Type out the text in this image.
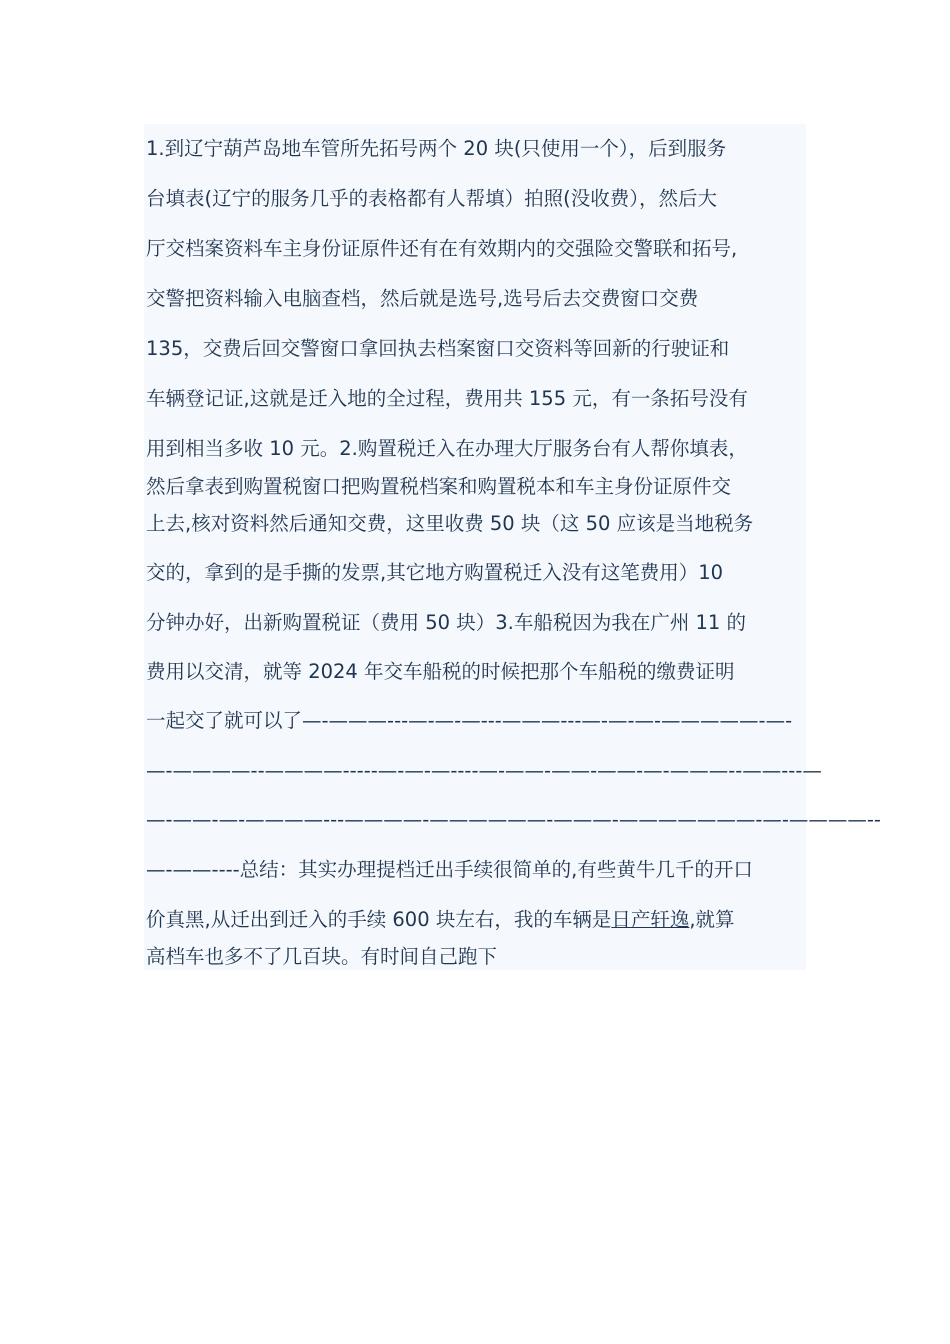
1.到辽宁葫芦岛地车管所先拓号两个 20 块(只使用一个），后到服务
台填表(辽宁的服务几乎的表格都有人帮填）拍照(没收费），然后大
厅交档案资料车主身份证原件还有在有效期内的交强险交警联和拓号,
交警把资料输入电脑查档，然后就是选号,选号后去交费窗口交费
135，交费后回交警窗口拿回执去档案窗口交资料等回新的行驶证和
车辆登记证,这就是迁入地的全过程，费用共 155 元，有一条拓号没有
用到相当多收 10 元。2.购置税迁入在办理大厅服务台有人帮你填表，
然后拿表到购置税窗口把购置税档案和购置税本和车主身份证原件交
上去,核对资料然后通知交费，这里收费 50 块（这 50 应该是当地税务
交的，拿到的是手撕的发票,其它地方购置税迁入没有这笔费用）10
分钟办好，出新购置税证（费用 50 块）3.车船税因为我在广州 11 的
费用以交清，就等 2024 年交车船税的时候把那个车船税的缴费证明
一起交了就可以了—-———---—-—-—---———---—-—-—-—————-—-
—-————--————-----—-—-—----—-——-——-——-—-———--——---—
—-——-—-————---————-——————-———-———————-—-————--
—-——----总结：其实办理提档迁出手续很简单的,有些黄牛几千的开口
价真黑,从迁出到迁入的手续 600 块左右，我的车辆是日产轩逸,就算
高档车也多不了几百块。有时间自己跑下
